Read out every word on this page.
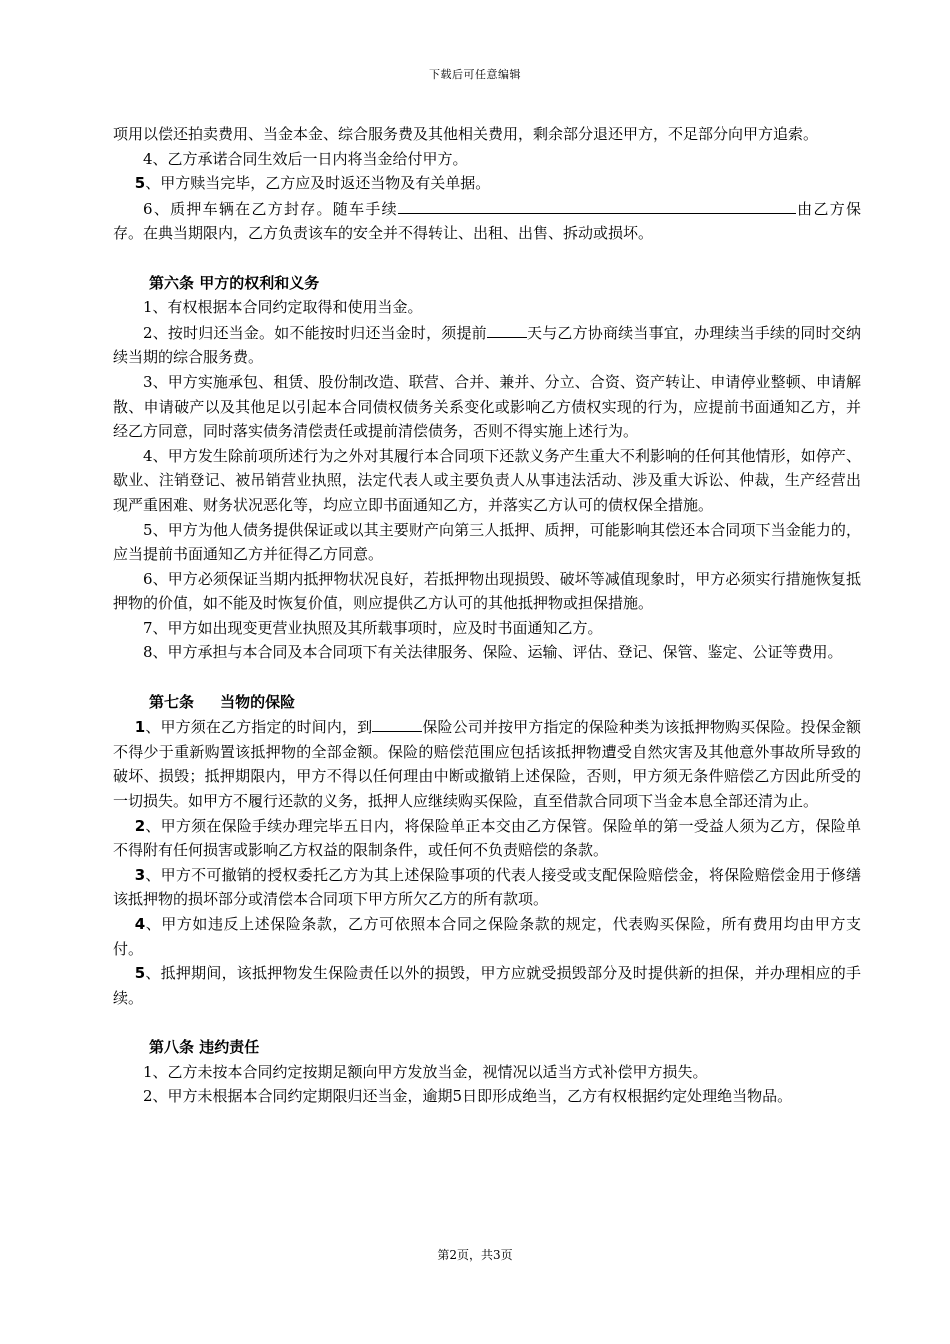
下载后可任意编辑

项用以偿还拍卖费用、当金本金、综合服务费及其他相关费用，剩余部分退还甲方，不足部分向甲方追索。

4、乙方承诺合同生效后一日内将当金给付甲方。

5、甲方赎当完毕，乙方应及时返还当物及有关单据。

6、质押车辆在乙方封存。随车手续	由乙方保存。在典当期限内，乙方负责该车的安全并不得转让、出租、出售、拆动或损坏。

第六条 甲方的权利和义务

1、有权根据本合同约定取得和使用当金。

2、按时归还当金。如不能按时归还当金时，须提前	天与乙方协商续当事宜，办理续当手续的同时交纳续当期的综合服务费。

3、甲方实施承包、租赁、股份制改造、联营、合并、兼并、分立、合资、资产转让、申请停业整顿、申请解散、申请破产以及其他足以引起本合同债权债务关系变化或影响乙方债权实现的行为，应提前书面通知乙方，并经乙方同意，同时落实债务清偿责任或提前清偿债务，否则不得实施上述行为。

4、甲方发生除前项所述行为之外对其履行本合同项下还款义务产生重大不利影响的任何其他情形，如停产、歇业、注销登记、被吊销营业执照，法定代表人或主要负责人从事违法活动、涉及重大诉讼、仲裁，生产经营出现严重困难、财务状况恶化等，均应立即书面通知乙方，并落实乙方认可的债权保全措施。

5、甲方为他人债务提供保证或以其主要财产向第三人抵押、质押，可能影响其偿还本合同项下当金能力的，应当提前书面通知乙方并征得乙方同意。

6、甲方必须保证当期内抵押物状况良好，若抵押物出现损毁、破坏等减值现象时，甲方必须实行措施恢复抵押物的价值，如不能及时恢复价值，则应提供乙方认可的其他抵押物或担保措施。

7、甲方如出现变更营业执照及其所载事项时，应及时书面通知乙方。

8、甲方承担与本合同及本合同项下有关法律服务、保险、运输、评估、登记、保管、鉴定、公证等费用。

第七条     当物的保险

1、甲方须在乙方指定的时间内，到	保险公司并按甲方指定的保险种类为该抵押物购买保险。投保金额不得少于重新购置该抵押物的全部金额。保险的赔偿范围应包括该抵押物遭受自然灾害及其他意外事故所导致的破坏、损毁；抵押期限内，甲方不得以任何理由中断或撤销上述保险，否则，甲方须无条件赔偿乙方因此所受的一切损失。如甲方不履行还款的义务，抵押人应继续购买保险，直至借款合同项下当金本息全部还清为止。

2、甲方须在保险手续办理完毕五日内，将保险单正本交由乙方保管。保险单的第一受益人须为乙方，保险单不得附有任何损害或影响乙方权益的限制条件，或任何不负责赔偿的条款。

3、甲方不可撤销的授权委托乙方为其上述保险事项的代表人接受或支配保险赔偿金，将保险赔偿金用于修缮该抵押物的损坏部分或清偿本合同项下甲方所欠乙方的所有款项。

4、甲方如违反上述保险条款，乙方可依照本合同之保险条款的规定，代表购买保险，所有费用均由甲方支付。

5、抵押期间，该抵押物发生保险责任以外的损毁，甲方应就受损毁部分及时提供新的担保，并办理相应的手续。

第八条 违约责任

1、乙方未按本合同约定按期足额向甲方发放当金，视情况以适当方式补偿甲方损失。

2、甲方未根据本合同约定期限归还当金，逾期5日即形成绝当，乙方有权根据约定处理绝当物品。

第2页，共3页
